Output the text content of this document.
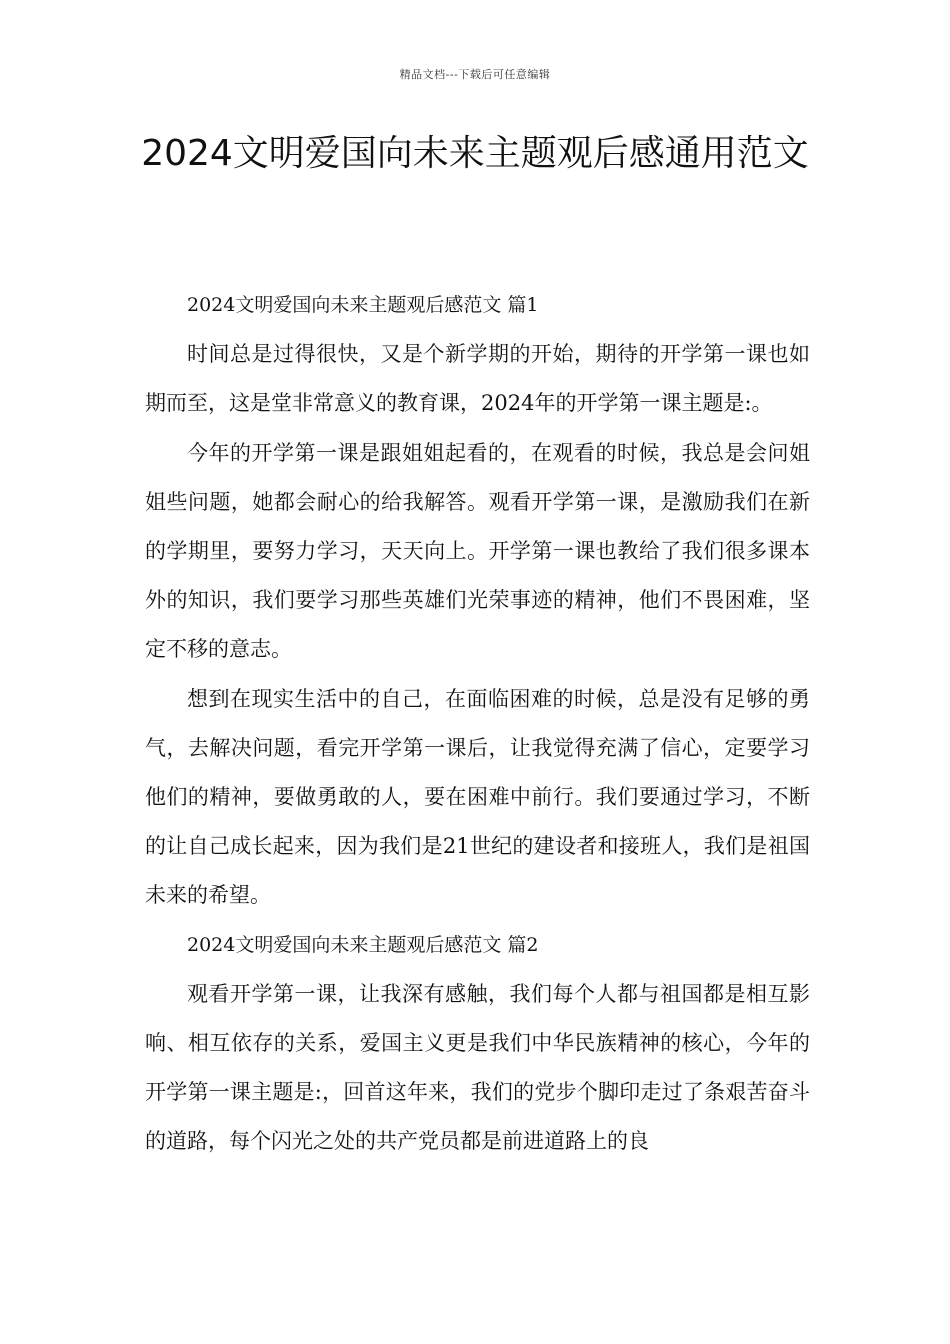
精品文档---下载后可任意编辑
2024文明爱国向未来主题观后感通用范文

2024文明爱国向未来主题观后感范文 篇1

时间总是过得很快，又是个新学期的开始，期待的开学第一课也如期而至，这是堂非常意义的教育课，2024年的开学第一课主题是:。

今年的开学第一课是跟姐姐起看的，在观看的时候，我总是会问姐姐些问题，她都会耐心的给我解答。观看开学第一课，是激励我们在新的学期里，要努力学习，天天向上。开学第一课也教给了我们很多课本外的知识，我们要学习那些英雄们光荣事迹的精神，他们不畏困难，坚定不移的意志。

想到在现实生活中的自己，在面临困难的时候，总是没有足够的勇气，去解决问题，看完开学第一课后，让我觉得充满了信心，定要学习他们的精神，要做勇敢的人，要在困难中前行。我们要通过学习，不断的让自己成长起来，因为我们是21世纪的建设者和接班人，我们是祖国未来的希望。

2024文明爱国向未来主题观后感范文 篇2

观看开学第一课，让我深有感触，我们每个人都与祖国都是相互影响、相互依存的关系，爱国主义更是我们中华民族精神的核心，今年的开学第一课主题是:，回首这年来，我们的党步个脚印走过了条艰苦奋斗的道路，每个闪光之处的共产党员都是前进道路上的良
